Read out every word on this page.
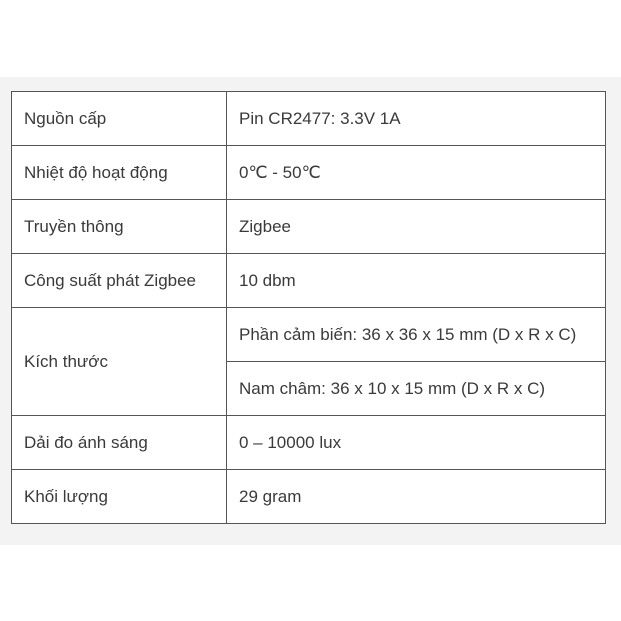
Nguồn cấp	Pin CR2477: 3.3V 1A
Nhiệt độ hoạt động	0℃ - 50℃
Truyền thông	Zigbee
Công suất phát Zigbee	10 dbm
Kích thước	Phần cảm biến: 36 x 36 x 15 mm (D x R x C)
	Nam châm: 36 x 10 x 15 mm (D x R x C)
Dải đo ánh sáng	0 – 10000 lux
Khối lượng	29 gram
